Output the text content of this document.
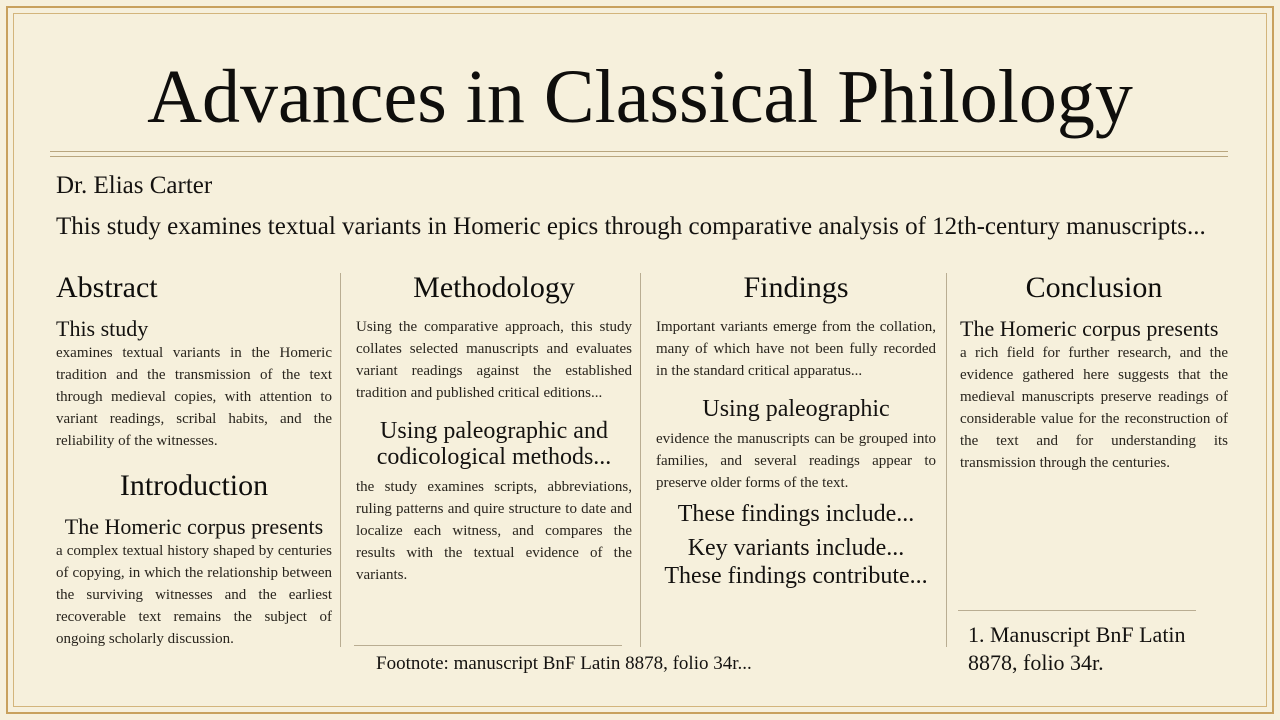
Advances in Classical Philology
Dr. Elias Carter
This study examines textual variants in Homeric epics through comparative analysis of 12th-century manuscripts...
Abstract

This study

examines textual variants in the Homeric tradition and the transmission of the text through medieval copies, with attention to variant readings, scribal habits, and the reliability of the witnesses.

Introduction

The Homeric corpus presents

a complex textual history shaped by centuries of copying, in which the relationship between the surviving witnesses and the earliest recoverable text remains the subject of ongoing scholarly discussion.

Methodology

Using the comparative approach, this study collates selected manuscripts and evaluates variant readings against the established tradition and published critical editions...

Using paleographic and codicological methods...

the study examines scripts, abbreviations, ruling patterns and quire structure to date and localize each witness, and compares the results with the textual evidence of the variants.

Findings

Important variants emerge from the collation, many of which have not been fully recorded in the standard critical apparatus...

Using paleographic

evidence the manuscripts can be grouped into families, and several readings appear to preserve older forms of the text.

These findings include...

Key variants include...

These findings contribute...

Conclusion

The Homeric corpus presents

a rich field for further research, and the evidence gathered here suggests that the medieval manuscripts preserve readings of considerable value for the reconstruction of the text and for understanding its transmission through the centuries.

Footnote: manuscript BnF Latin 8878, folio 34r...
1. Manuscript BnF Latin 8878, folio 34r.
